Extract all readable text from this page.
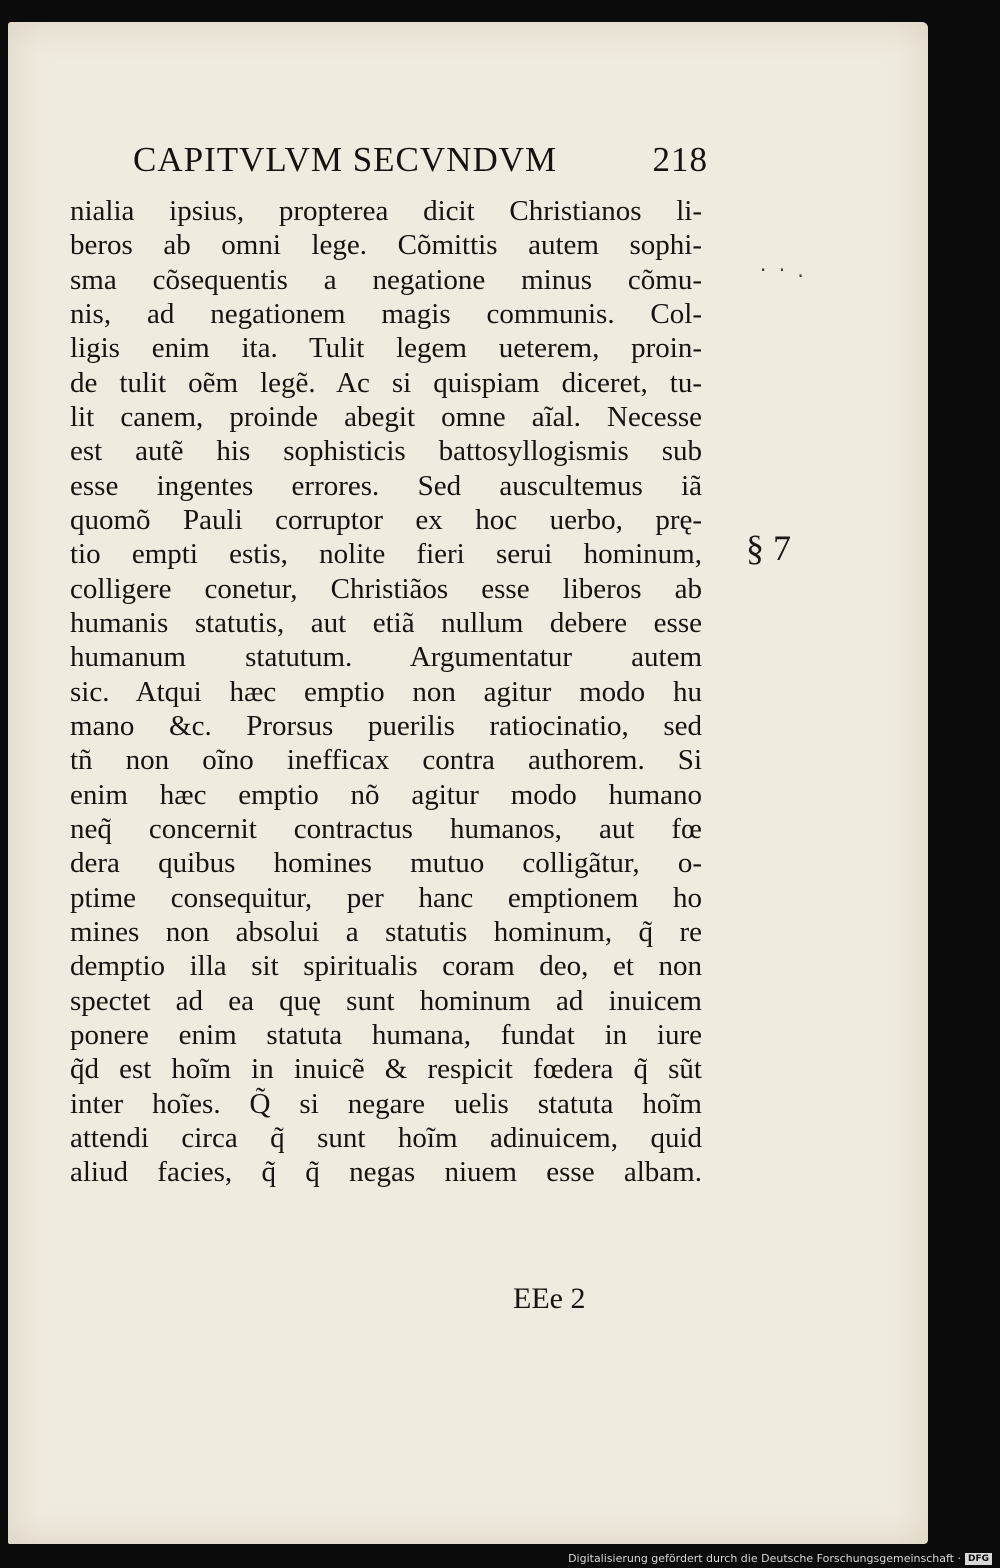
CAPITVLVM SECVNDVM	218
nialia ipsius, propterea dicit Christianos li-
beros ab omni lege. Cõmittis autem sophi-
sma cõsequentis a negatione minus cõmu-
nis, ad negationem magis communis. Col-
ligis enim ita. Tulit legem ueterem, proin-
de tulit oẽm legẽ. Ac si quispiam diceret, tu-
lit canem, proinde abegit omne aĩal. Necesse
est autẽ his sophisticis battosyllogismis sub
esse ingentes errores. Sed auscultemus iã
quomõ Pauli corruptor ex hoc uerbo, prę-
tio empti estis, nolite fieri serui hominum,
colligere conetur, Christiãos esse liberos ab
humanis statutis, aut etiã nullum debere esse
humanum statutum. Argumentatur autem
sic. Atqui hæc emptio non agitur modo hu
mano &c. Prorsus puerilis ratiocinatio, sed
tñ non oĩno inefficax contra authorem. Si
enim hæc emptio nõ agitur modo humano
neq̃ concernit contractus humanos, aut fœ
dera quibus homines mutuo colligãtur, o-
ptime consequitur, per hanc emptionem ho
mines non absolui a statutis hominum, q̃ re
demptio illa sit spiritualis coram deo, et non
spectet ad ea quę sunt hominum ad inuicem
ponere enim statuta humana, fundat in iure
q̃d est hoĩm in inuicẽ & respicit fœdera q̃ sũt
inter hoĩes. Q̃ si negare uelis statuta hoĩm
attendi circa q̃ sunt hoĩm adinuicem, quid
aliud facies, q̃ q̃ negas niuem esse albam.
· · .
§ 7
EEe 2
Digitalisierung gefördert durch die Deutsche Forschungsgemeinschaft · DFG
